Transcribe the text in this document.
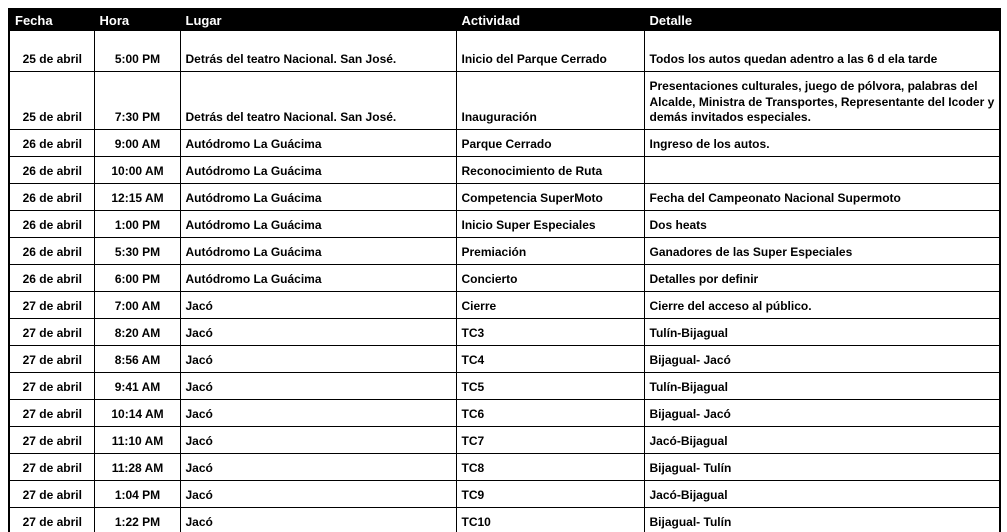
Fecha	Hora	Lugar	Actividad	Detalle
25 de abril	5:00 PM	Detrás del teatro Nacional. San José.	Inicio del Parque Cerrado	Todos los autos quedan adentro a las 6 d ela tarde
25 de abril	7:30 PM	Detrás del teatro Nacional. San José.	Inauguración	Presentaciones culturales, juego de pólvora, palabras del Alcalde, Ministra de Transportes, Representante del Icoder y demás invitados especiales.
26 de abril	9:00 AM	Autódromo La Guácima	Parque Cerrado	Ingreso de los autos.
26 de abril	10:00 AM	Autódromo La Guácima	Reconocimiento de Ruta	
26 de abril	12:15 AM	Autódromo La Guácima	Competencia SuperMoto	Fecha del Campeonato Nacional Supermoto
26 de abril	1:00 PM	Autódromo La Guácima	Inicio Super Especiales	Dos heats
26 de abril	5:30 PM	Autódromo La Guácima	Premiación	Ganadores de las Super Especiales
26 de abril	6:00 PM	Autódromo La Guácima	Concierto	Detalles por definir
27 de abril	7:00 AM	Jacó	Cierre	Cierre del acceso al público.
27 de abril	8:20 AM	Jacó	TC3	Tulín-Bijagual
27 de abril	8:56 AM	Jacó	TC4	Bijagual- Jacó
27 de abril	9:41 AM	Jacó	TC5	Tulín-Bijagual
27 de abril	10:14 AM	Jacó	TC6	Bijagual- Jacó
27 de abril	11:10 AM	Jacó	TC7	Jacó-Bijagual
27 de abril	11:28 AM	Jacó	TC8	Bijagual- Tulín
27 de abril	1:04 PM	Jacó	TC9	Jacó-Bijagual
27 de abril	1:22 PM	Jacó	TC10	Bijagual- Tulín
